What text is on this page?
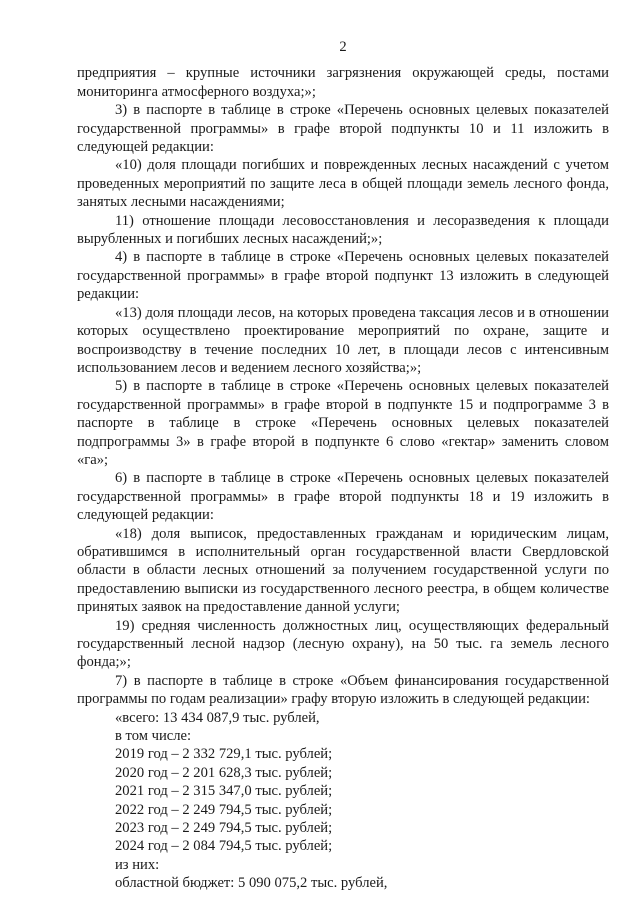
2

предприятия – крупные источники загрязнения окружающей среды, постами мониторинга атмосферного воздуха;»;

3) в паспорте в таблице в строке «Перечень основных целевых показателей государственной программы» в графе второй подпункты 10 и 11 изложить в следующей редакции:

«10) доля площади погибших и поврежденных лесных насаждений с учетом проведенных мероприятий по защите леса в общей площади земель лесного фонда, занятых лесными насаждениями;

11) отношение площади лесовосстановления и лесоразведения к площади вырубленных и погибших лесных насаждений;»;

4) в паспорте в таблице в строке «Перечень основных целевых показателей государственной программы» в графе второй подпункт 13 изложить в следующей редакции:

«13) доля площади лесов, на которых проведена таксация лесов и в отношении которых осуществлено проектирование мероприятий по охране, защите и воспроизводству в течение последних 10 лет, в площади лесов с интенсивным использованием лесов и ведением лесного хозяйства;»;

5) в паспорте в таблице в строке «Перечень основных целевых показателей государственной программы» в графе второй в подпункте 15 и подпрограмме 3 в паспорте в таблице в строке «Перечень основных целевых показателей подпрограммы 3» в графе второй в подпункте 6 слово «гектар» заменить словом «га»;

6) в паспорте в таблице в строке «Перечень основных целевых показателей государственной программы» в графе второй подпункты 18 и 19 изложить в следующей редакции:

«18) доля выписок, предоставленных гражданам и юридическим лицам, обратившимся в исполнительный орган государственной власти Свердловской области в области лесных отношений за получением государственной услуги по предоставлению выписки из государственного лесного реестра, в общем количестве принятых заявок на предоставление данной услуги;

19) средняя численность должностных лиц, осуществляющих федеральный государственный лесной надзор (лесную охрану), на 50 тыс. га земель лесного фонда;»;

7) в паспорте в таблице в строке «Объем финансирования государственной программы по годам реализации» графу вторую изложить в следующей редакции:

«всего: 13 434 087,9 тыс. рублей,

в том числе:

2019 год – 2 332 729,1 тыс. рублей;

2020 год – 2 201 628,3 тыс. рублей;

2021 год – 2 315 347,0 тыс. рублей;

2022 год – 2 249 794,5 тыс. рублей;

2023 год – 2 249 794,5 тыс. рублей;

2024 год – 2 084 794,5 тыс. рублей;

из них:

областной бюджет: 5 090 075,2 тыс. рублей,
